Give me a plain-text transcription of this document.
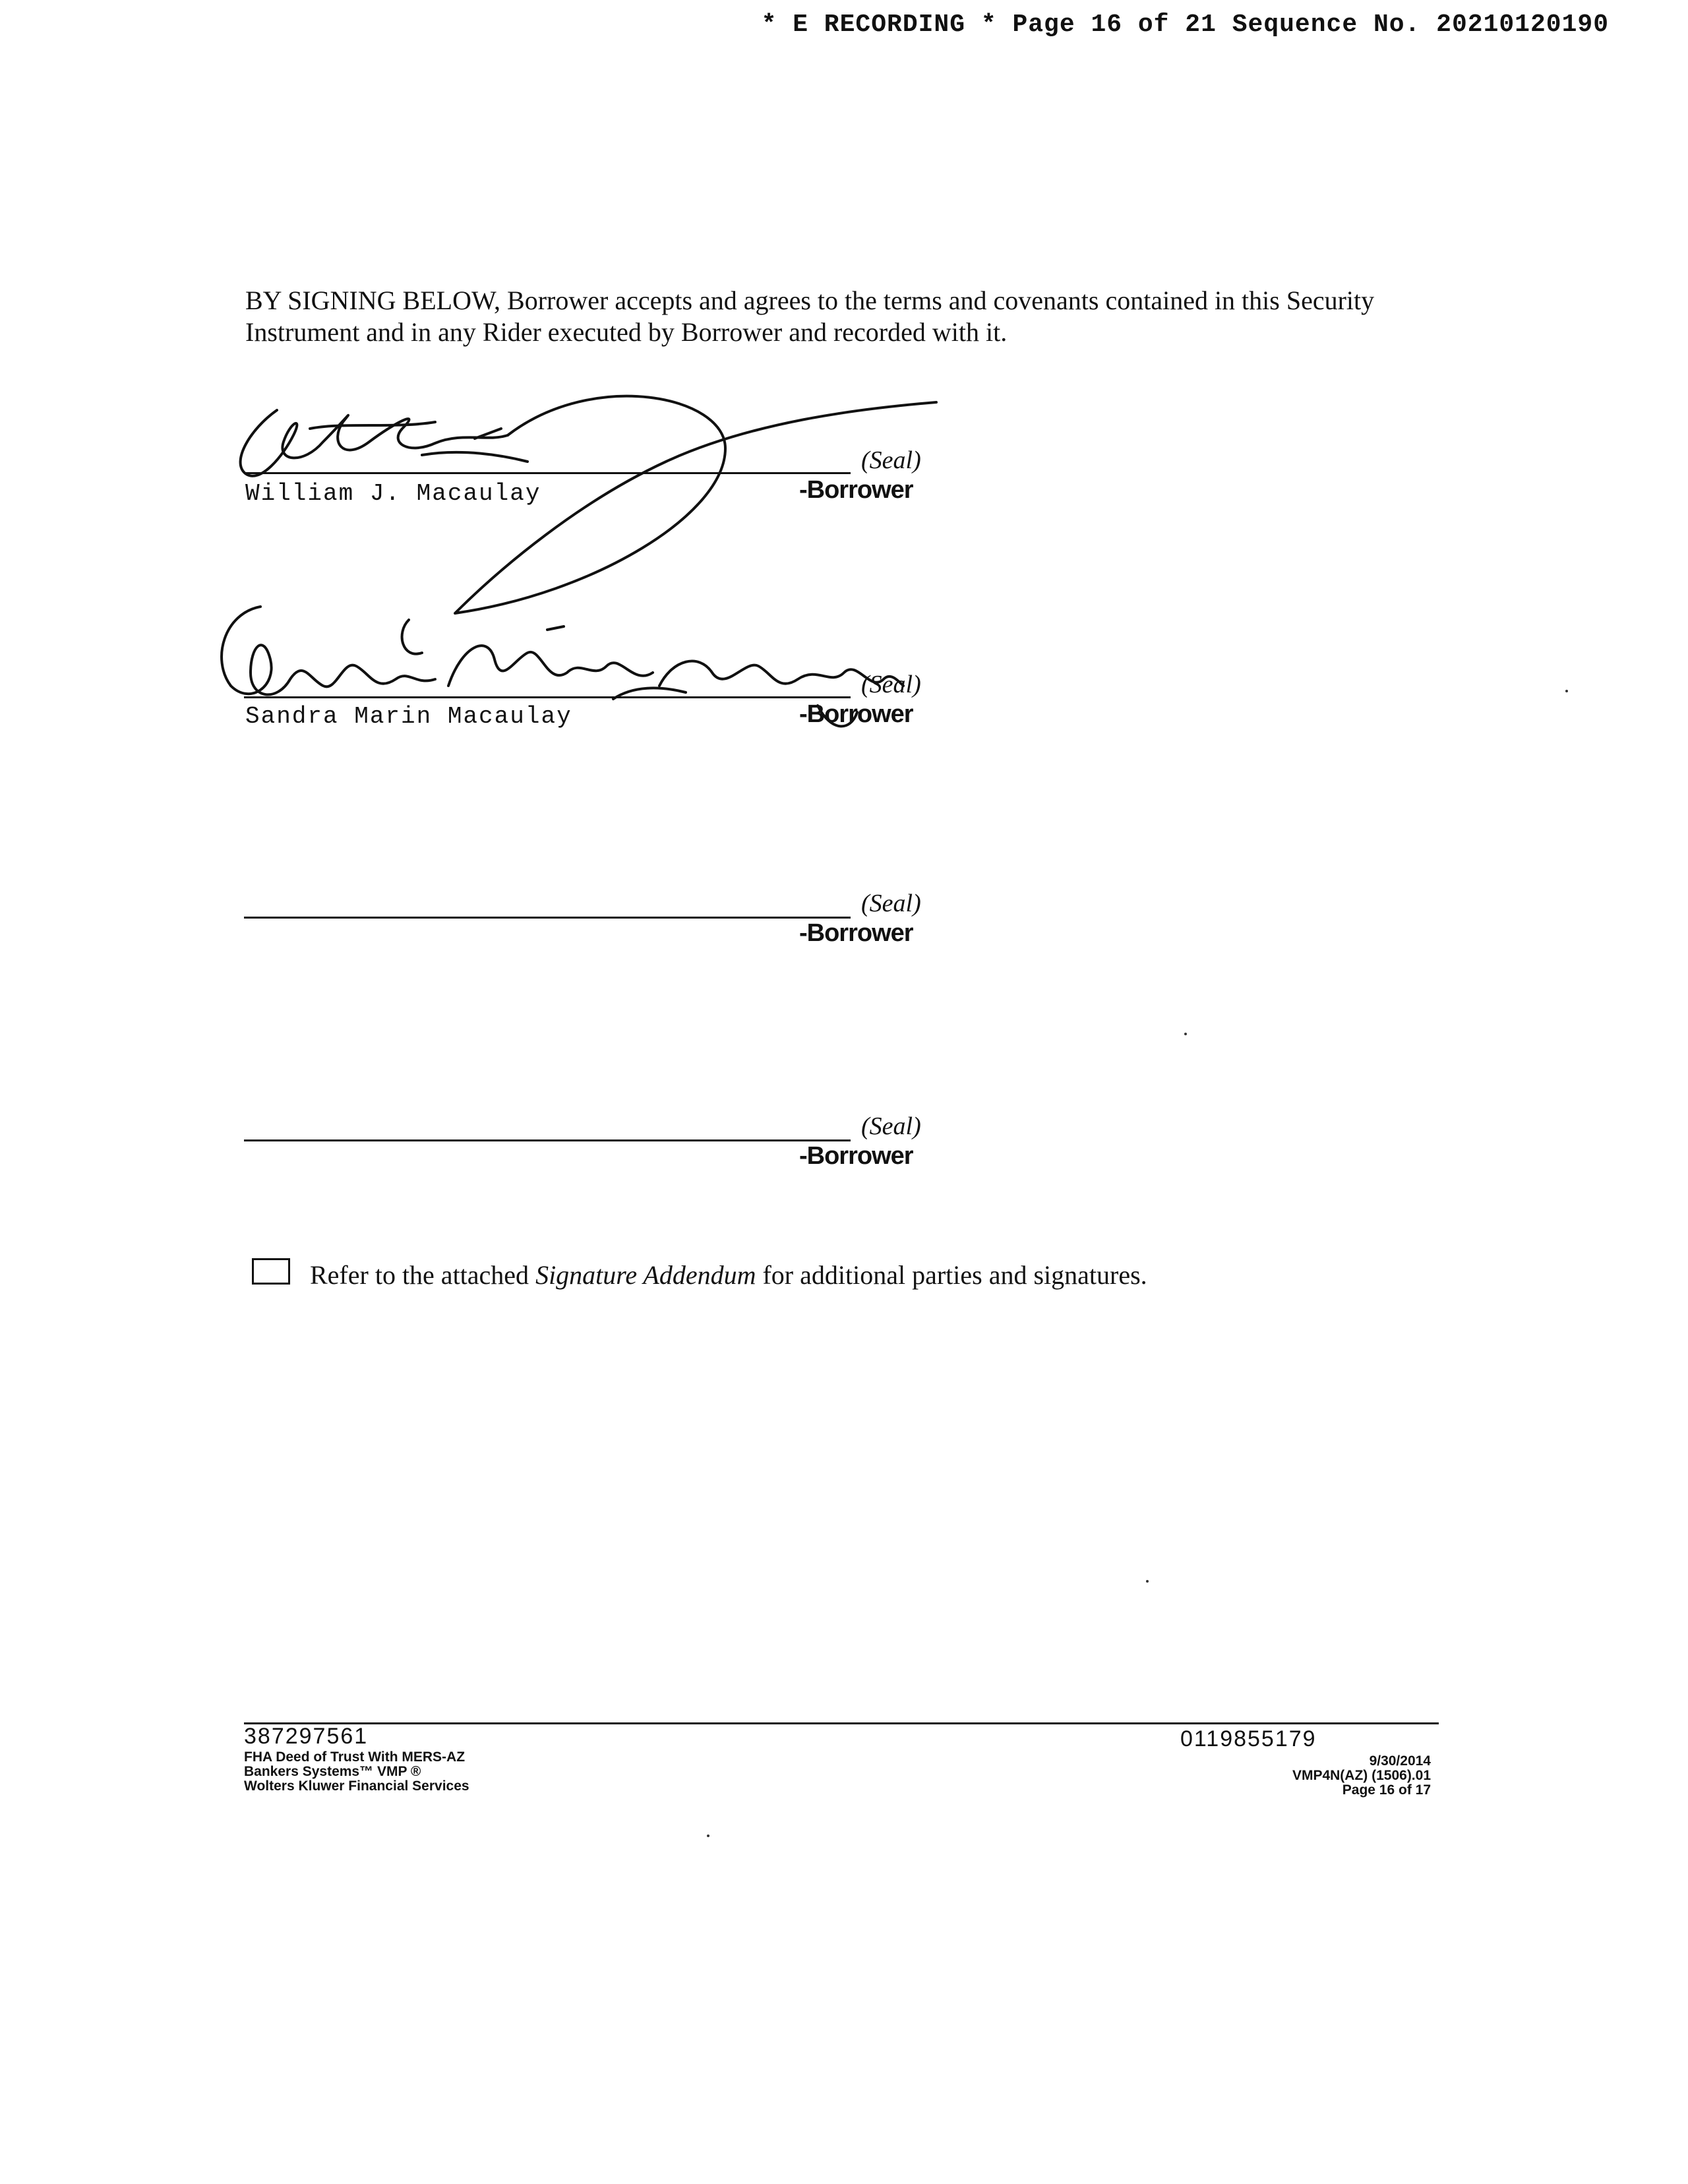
* E RECORDING * Page 16 of 21 Sequence No. 20210120190
BY SIGNING BELOW, Borrower accepts and agrees to the terms and covenants contained in this Security
Instrument and in any Rider executed by Borrower and recorded with it.
(Seal)
-Borrower
William J. Macaulay
(Seal)
-Borrower
Sandra Marin Macaulay
(Seal)
-Borrower
(Seal)
-Borrower
Refer to the attached Signature Addendum for additional parties and signatures.
387297561
FHA Deed of Trust With MERS-AZ
Bankers Systems™ VMP ®
Wolters Kluwer Financial Services
0119855179
9/30/2014
VMP4N(AZ) (1506).01
Page 16 of 17
